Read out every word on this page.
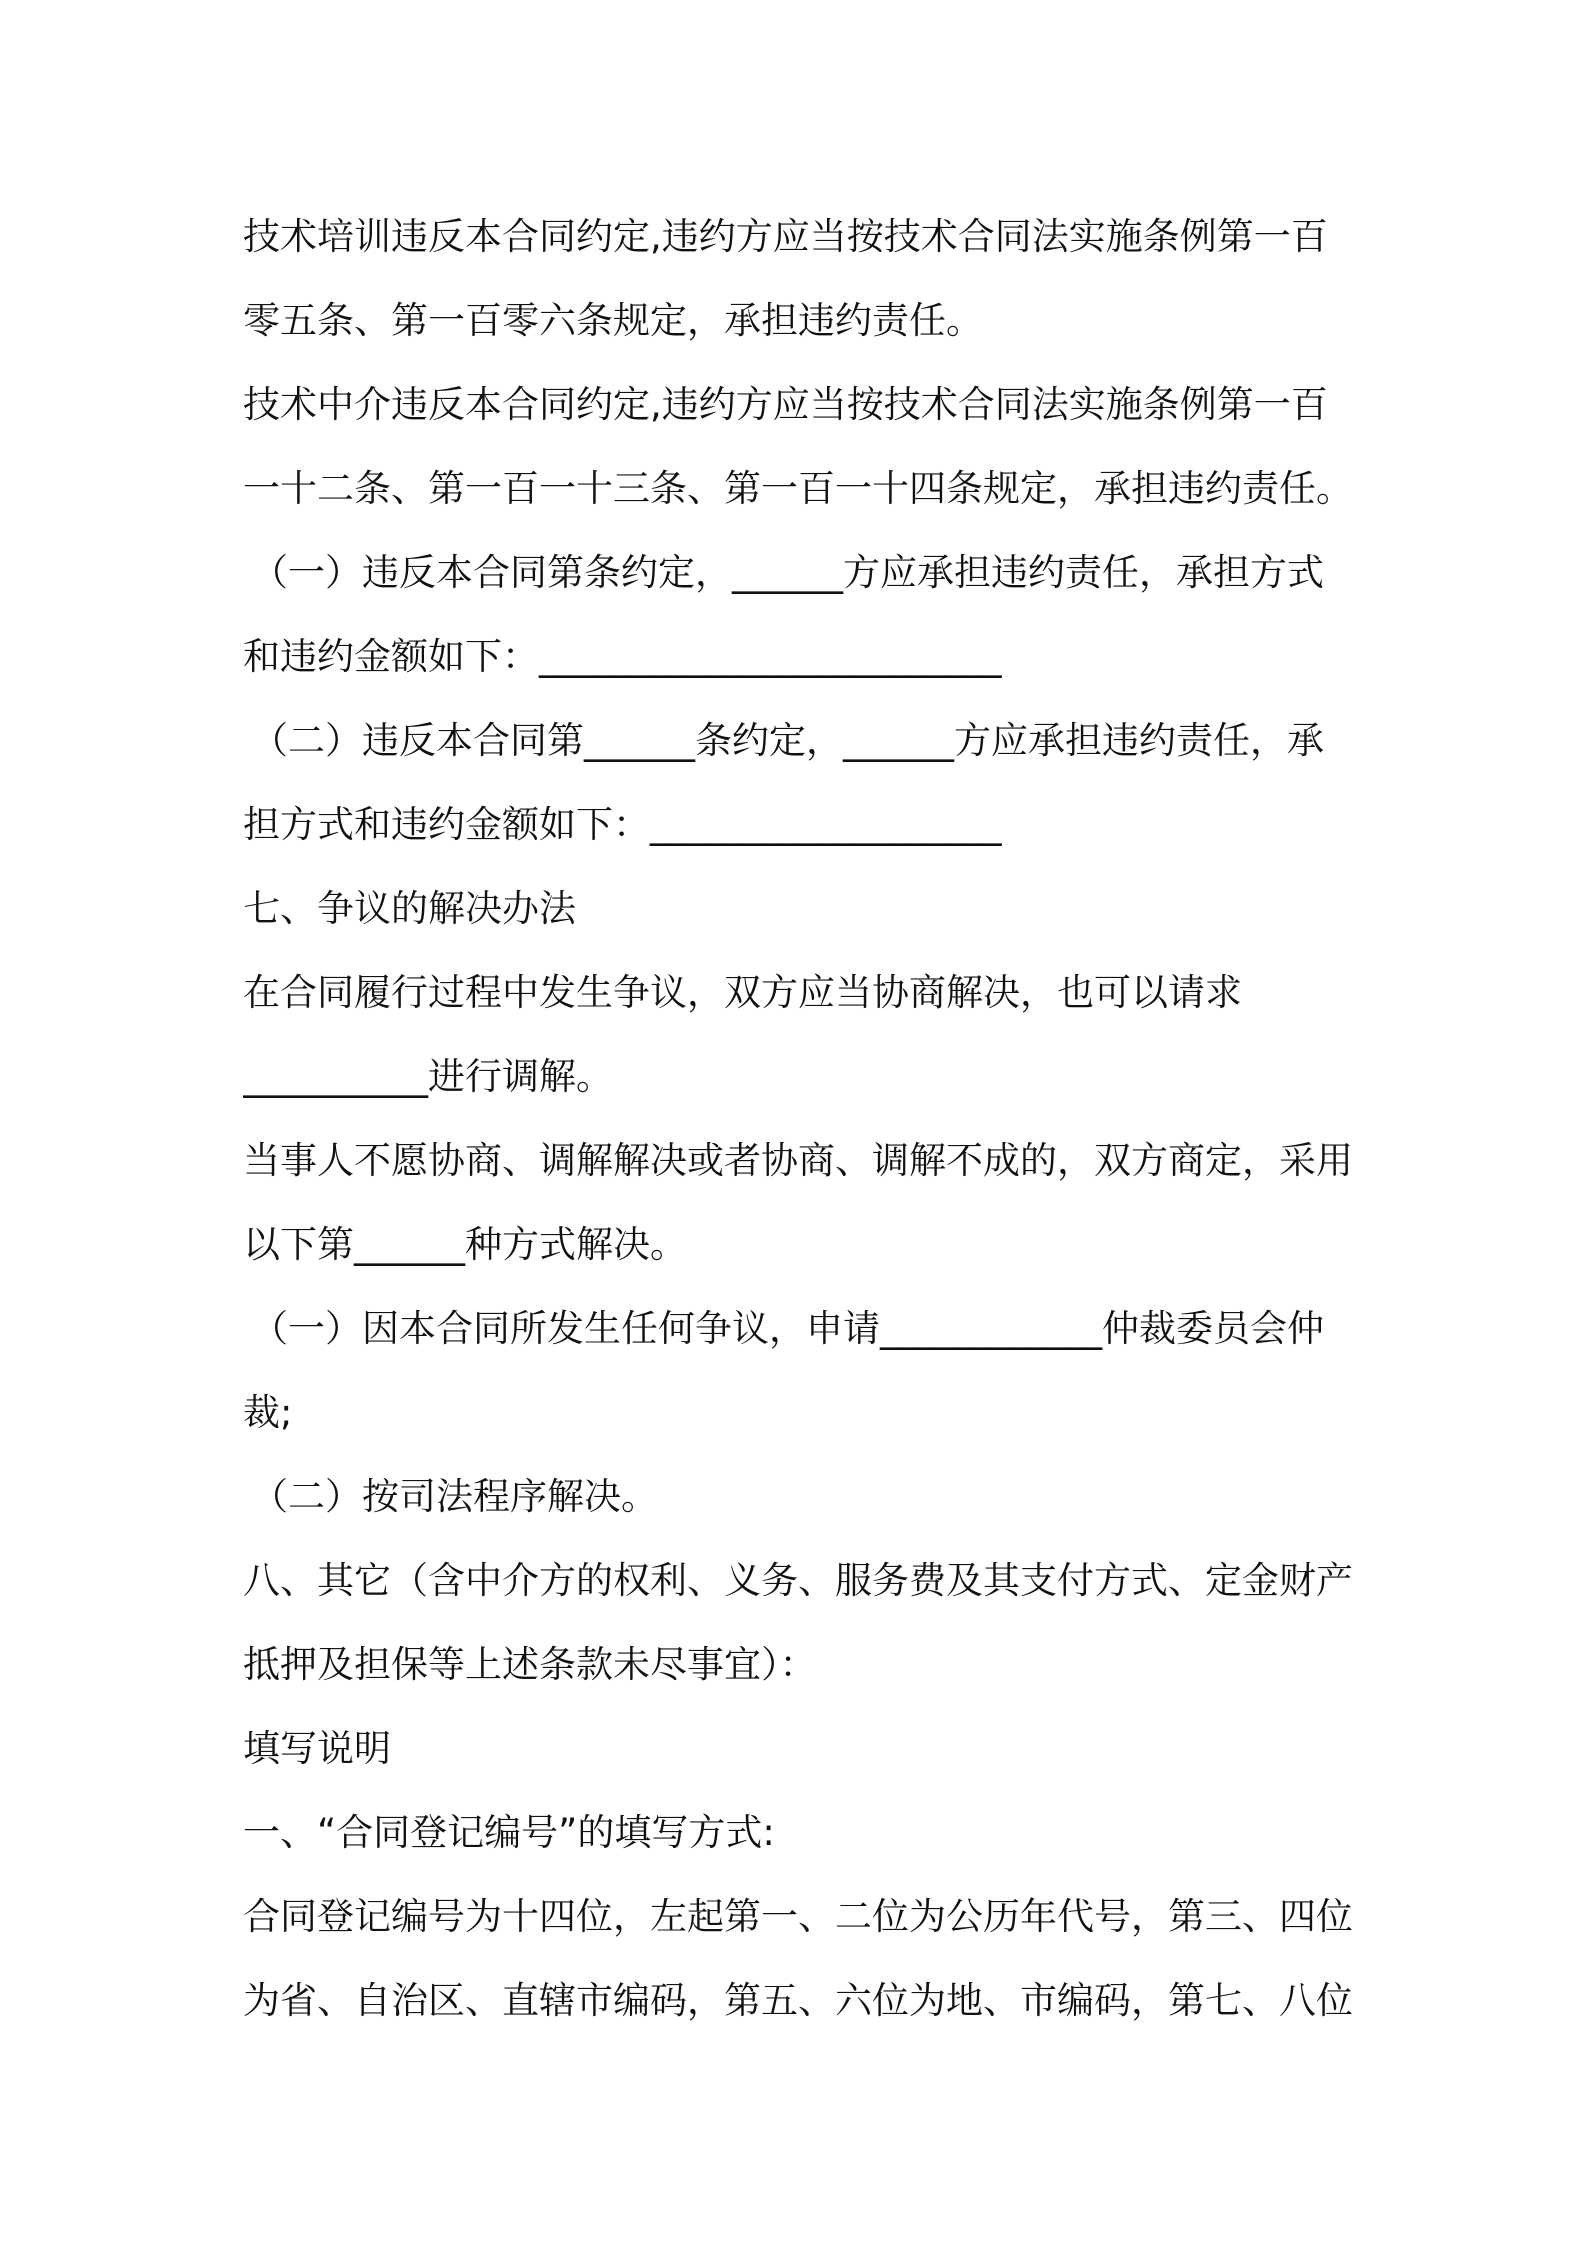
技术培训违反本合同约定,违约方应当按技术合同法实施条例第一百
零五条、第一百零六条规定，承担违约责任。
技术中介违反本合同约定,违约方应当按技术合同法实施条例第一百
一十二条、第一百一十三条、第一百一十四条规定，承担违约责任。
（一）违反本合同第条约定，______方应承担违约责任，承担方式
和违约金额如下：_________________________
（二）违反本合同第______条约定，______方应承担违约责任，承
担方式和违约金额如下：___________________
七、争议的解决办法
在合同履行过程中发生争议，双方应当协商解决，也可以请求
__________进行调解。
当事人不愿协商、调解解决或者协商、调解不成的，双方商定，采用
以下第______种方式解决。
（一）因本合同所发生任何争议，申请____________仲裁委员会仲
裁;
（二）按司法程序解决。
八、其它（含中介方的权利、义务、服务费及其支付方式、定金财产
抵押及担保等上述条款未尽事宜）：
填写说明
一、“合同登记编号”的填写方式:
合同登记编号为十四位，左起第一、二位为公历年代号，第三、四位
为省、自治区、直辖市编码，第五、六位为地、市编码，第七、八位
